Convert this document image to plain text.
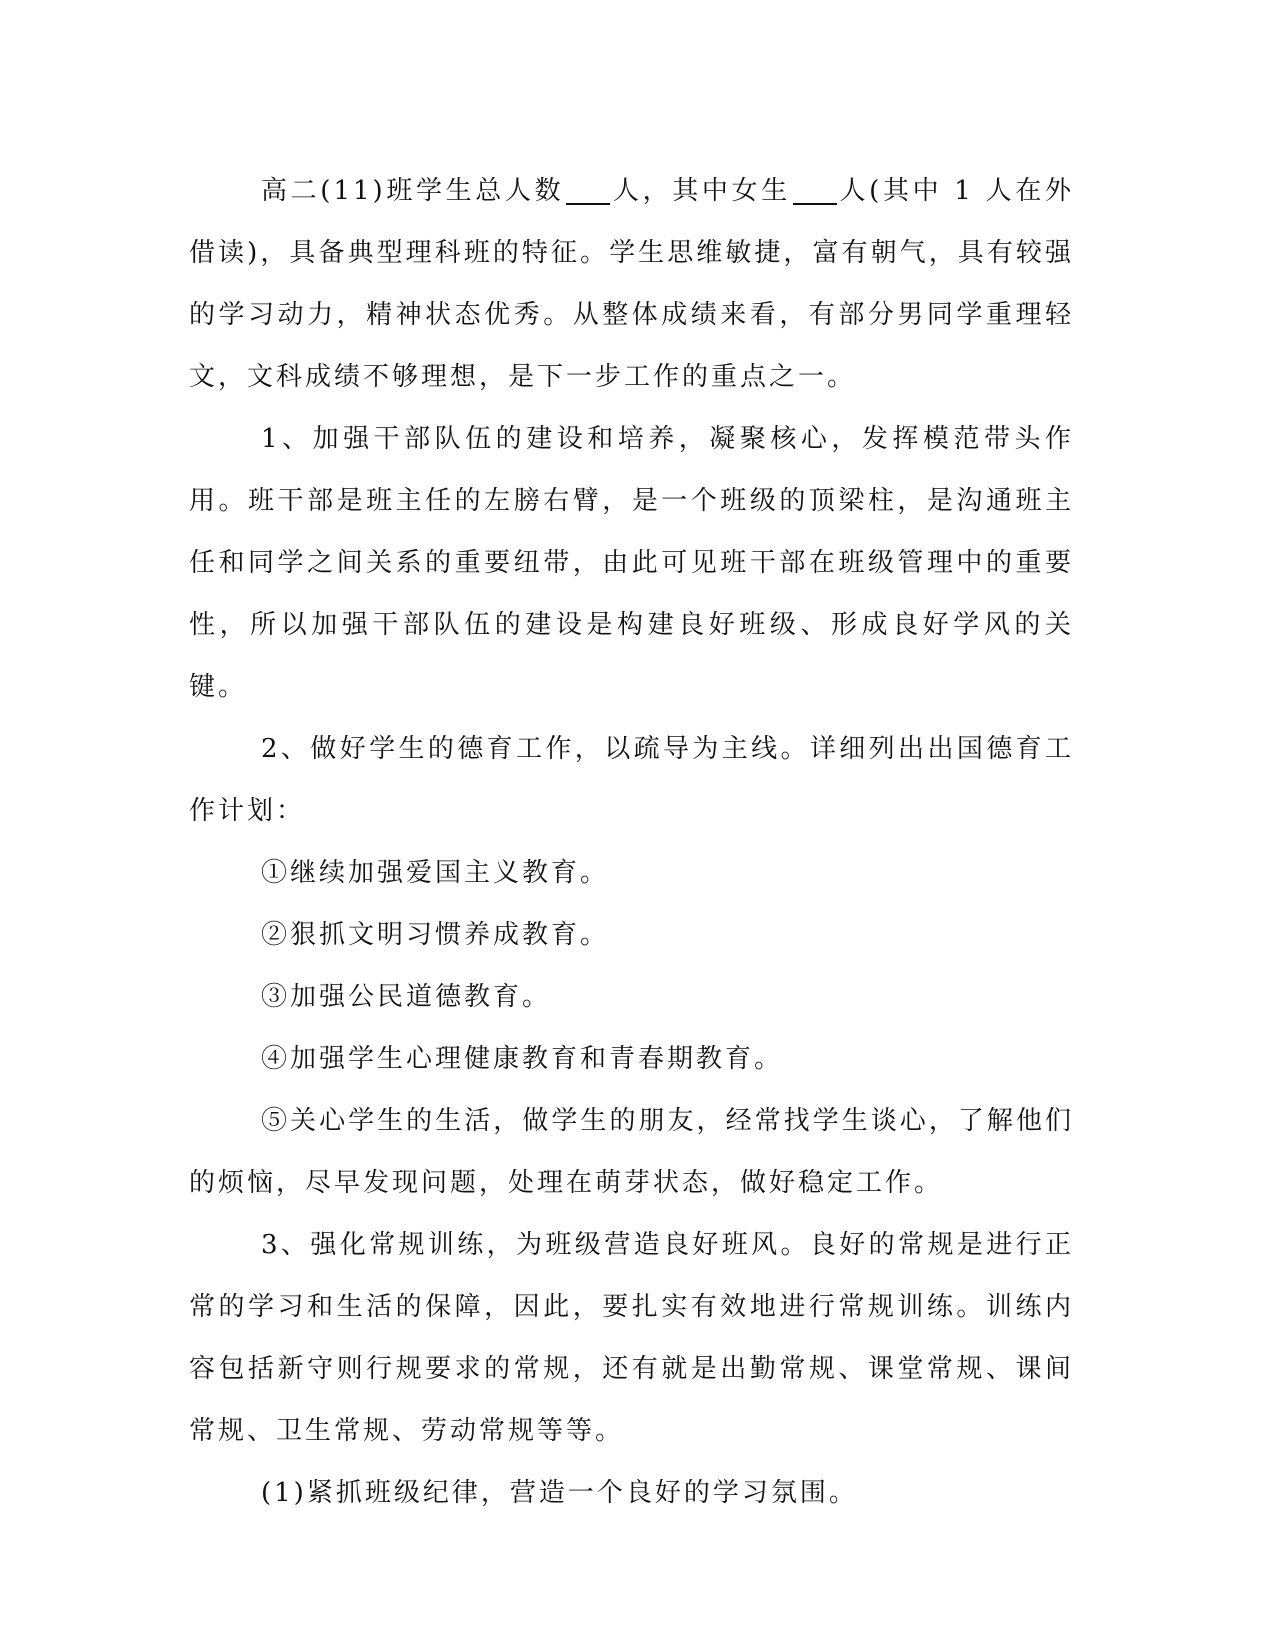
高二(11)班学生总人数 人，其中女生 人(其中 1 人在外借读)，具备典型理科班的特征。学生思维敏捷，富有朝气，具有较强的学习动力，精神状态优秀。从整体成绩来看，有部分男同学重理轻文，文科成绩不够理想，是下一步工作的重点之一。

1、加强干部队伍的建设和培养，凝聚核心，发挥模范带头作用。班干部是班主任的左膀右臂，是一个班级的顶梁柱，是沟通班主任和同学之间关系的重要纽带，由此可见班干部在班级管理中的重要性，所以加强干部队伍的建设是构建良好班级、形成良好学风的关键。

2、做好学生的德育工作，以疏导为主线。详细列出出国德育工作计划：

①继续加强爱国主义教育。

②狠抓文明习惯养成教育。

③加强公民道德教育。

④加强学生心理健康教育和青春期教育。

⑤关心学生的生活，做学生的朋友，经常找学生谈心，了解他们的烦恼，尽早发现问题，处理在萌芽状态，做好稳定工作。

3、强化常规训练，为班级营造良好班风。良好的常规是进行正常的学习和生活的保障，因此，要扎实有效地进行常规训练。训练内容包括新守则行规要求的常规，还有就是出勤常规、课堂常规、课间常规、卫生常规、劳动常规等等。

(1)紧抓班级纪律，营造一个良好的学习氛围。
